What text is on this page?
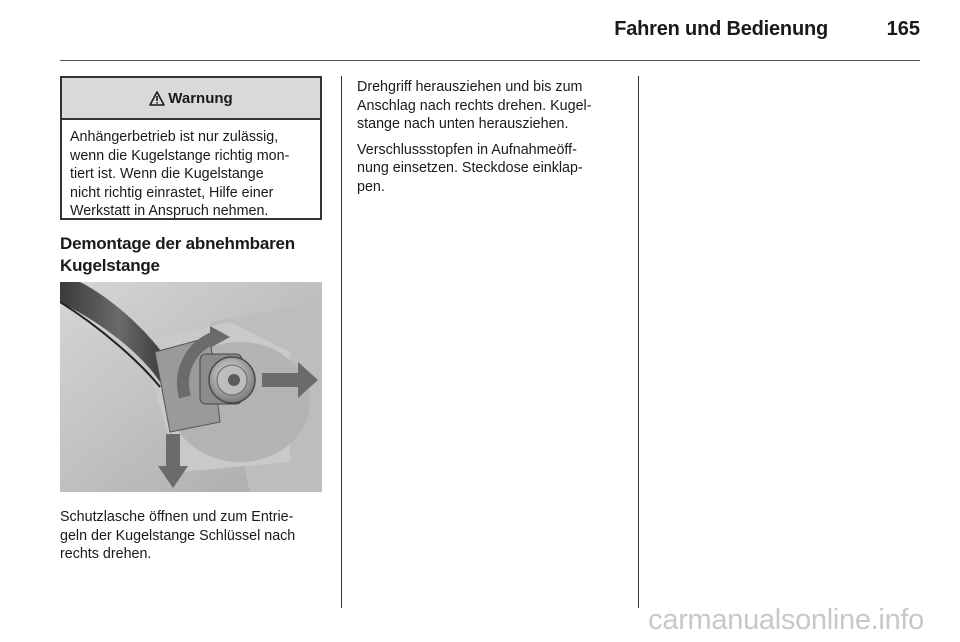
Fahren und Bedienung	165
Warnung
Anhängerbetrieb ist nur zulässig,
wenn die Kugelstange richtig mon-
tiert ist. Wenn die Kugelstange
nicht richtig einrastet, Hilfe einer
Werkstatt in Anspruch nehmen.
Demontage der abnehmbaren
Kugelstange
Schutzlasche öffnen und zum Entrie-
geln der Kugelstange Schlüssel nach
rechts drehen.

Drehgriff herausziehen und bis zum
Anschlag nach rechts drehen. Kugel-
stange nach unten herausziehen.

Verschlussstopfen in Aufnahmeöff-
nung einsetzen. Steckdose einklap-
pen.

carmanualsonline.info
